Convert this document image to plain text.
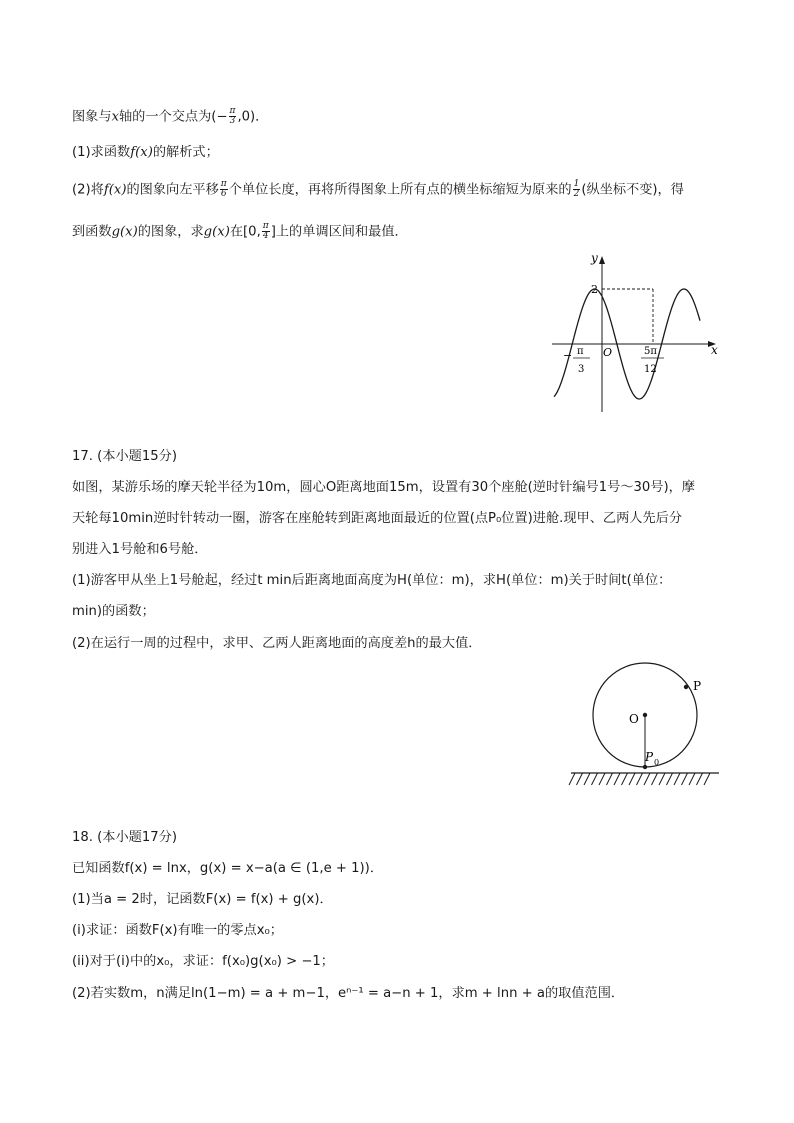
图象与x轴的一个交点为(− $\frac{\pi}{3} ,0$)．
(1)求函数f(x)的解析式；
(2)将f(x)的图象向左平移 $\frac{\pi}{6}$ 个单位长度，再将所得图象上所有点的横坐标缩短为原来的 $\frac{1}{2}$ (纵坐标不变)，得
到函数g(x)的图象，求g(x)在[0, $\frac{\pi}{4}$ ]上的单调区间和最值．
y
x
O
2
− π
3
5π
12
17. (本小题15分)
如图，某游乐场的摩天轮半径为10m，圆心O距离地面15m，设置有30个座舱(逆时针编号1号～30号)，摩
天轮每10min逆时针转动一圈，游客在座舱转到距离地面最近的位置(点P₀位置)进舱.现甲、乙两人先后分
别进入1号舱和6号舱．
(1)游客甲从坐上1号舱起，经过t min后距离地面高度为H(单位：m)，求H(单位：m)关于时间t(单位：
min)的函数；
(2)在运行一周的过程中，求甲、乙两人距离地面的高度差h的最大值．
P
O
P 0
18. (本小题17分)
已知函数f(x) = lnx，g(x) = x−a(a ∈ (1,e + 1))．
(1)当a = 2时，记函数F(x) = f(x) + g(x)．
(i)求证：函数F(x)有唯一的零点x₀；
(ii)对于(i)中的x₀，求证：f(x₀)g(x₀) > −1；
(2)若实数m，n满足ln(1−m) = a + m−1，eⁿ⁻¹ = a−n + 1，求m + lnn + a的取值范围．
